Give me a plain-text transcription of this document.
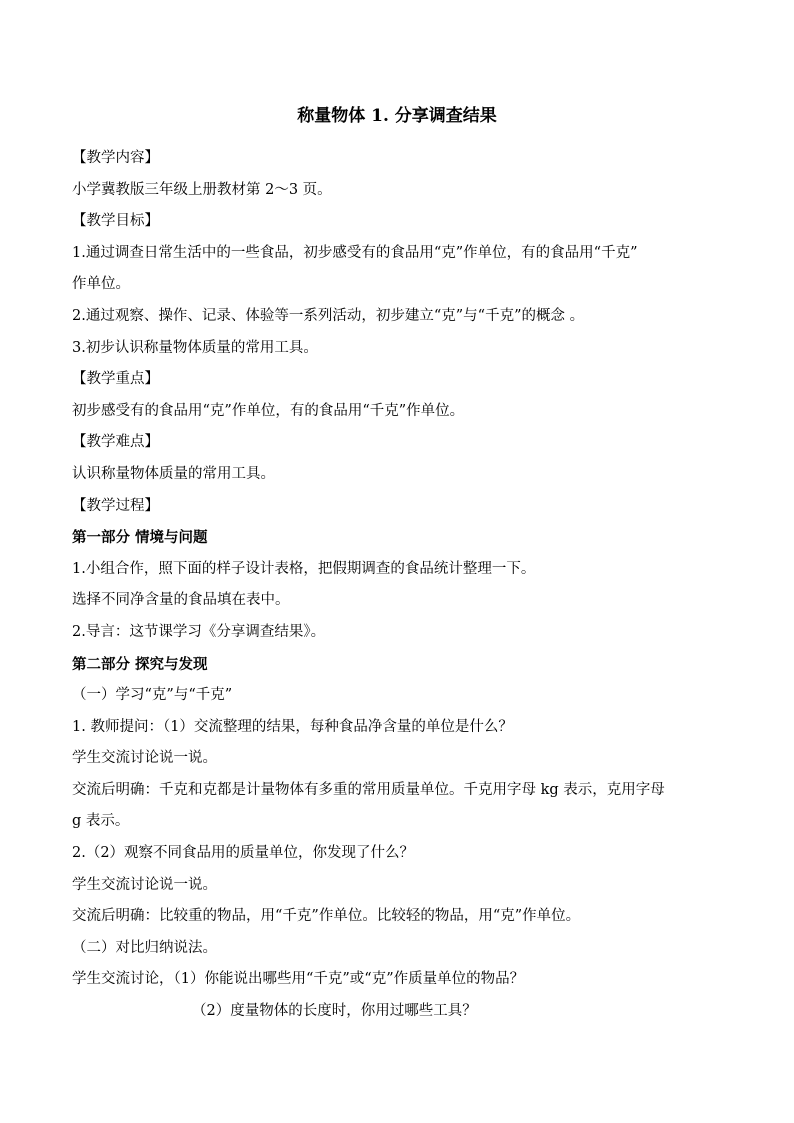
称量物体 1. 分享调查结果
【教学内容】
小学冀教版三年级上册教材第 2～3 页。
【教学目标】
1.通过调查日常生活中的一些食品，初步感受有的食品用“克”作单位，有的食品用“千克”
作单位。
2.通过观察、操作、记录、体验等一系列活动，初步建立“克”与“千克”的概念 。
3.初步认识称量物体质量的常用工具。
【教学重点】
初步感受有的食品用“克”作单位，有的食品用“千克”作单位。
【教学难点】
认识称量物体质量的常用工具。
【教学过程】
第一部分 情境与问题
1.小组合作，照下面的样子设计表格，把假期调查的食品统计整理一下。
选择不同净含量的食品填在表中。
2.导言：这节课学习《分享调查结果》。
第二部分 探究与发现
（一）学习“克”与“千克”
1. 教师提问：（1）交流整理的结果，每种食品净含量的单位是什么？
学生交流讨论说一说。
交流后明确：千克和克都是计量物体有多重的常用质量单位。千克用字母 kg 表示，克用字母
g 表示。
2.（2）观察不同食品用的质量单位，你发现了什么？
学生交流讨论说一说。
交流后明确：比较重的物品，用“千克”作单位。比较轻的物品，用“克”作单位。
（二）对比归纳说法。
学生交流讨论，（1）你能说出哪些用“千克”或“克”作质量单位的物品？
（2）度量物体的长度时，你用过哪些工具？
